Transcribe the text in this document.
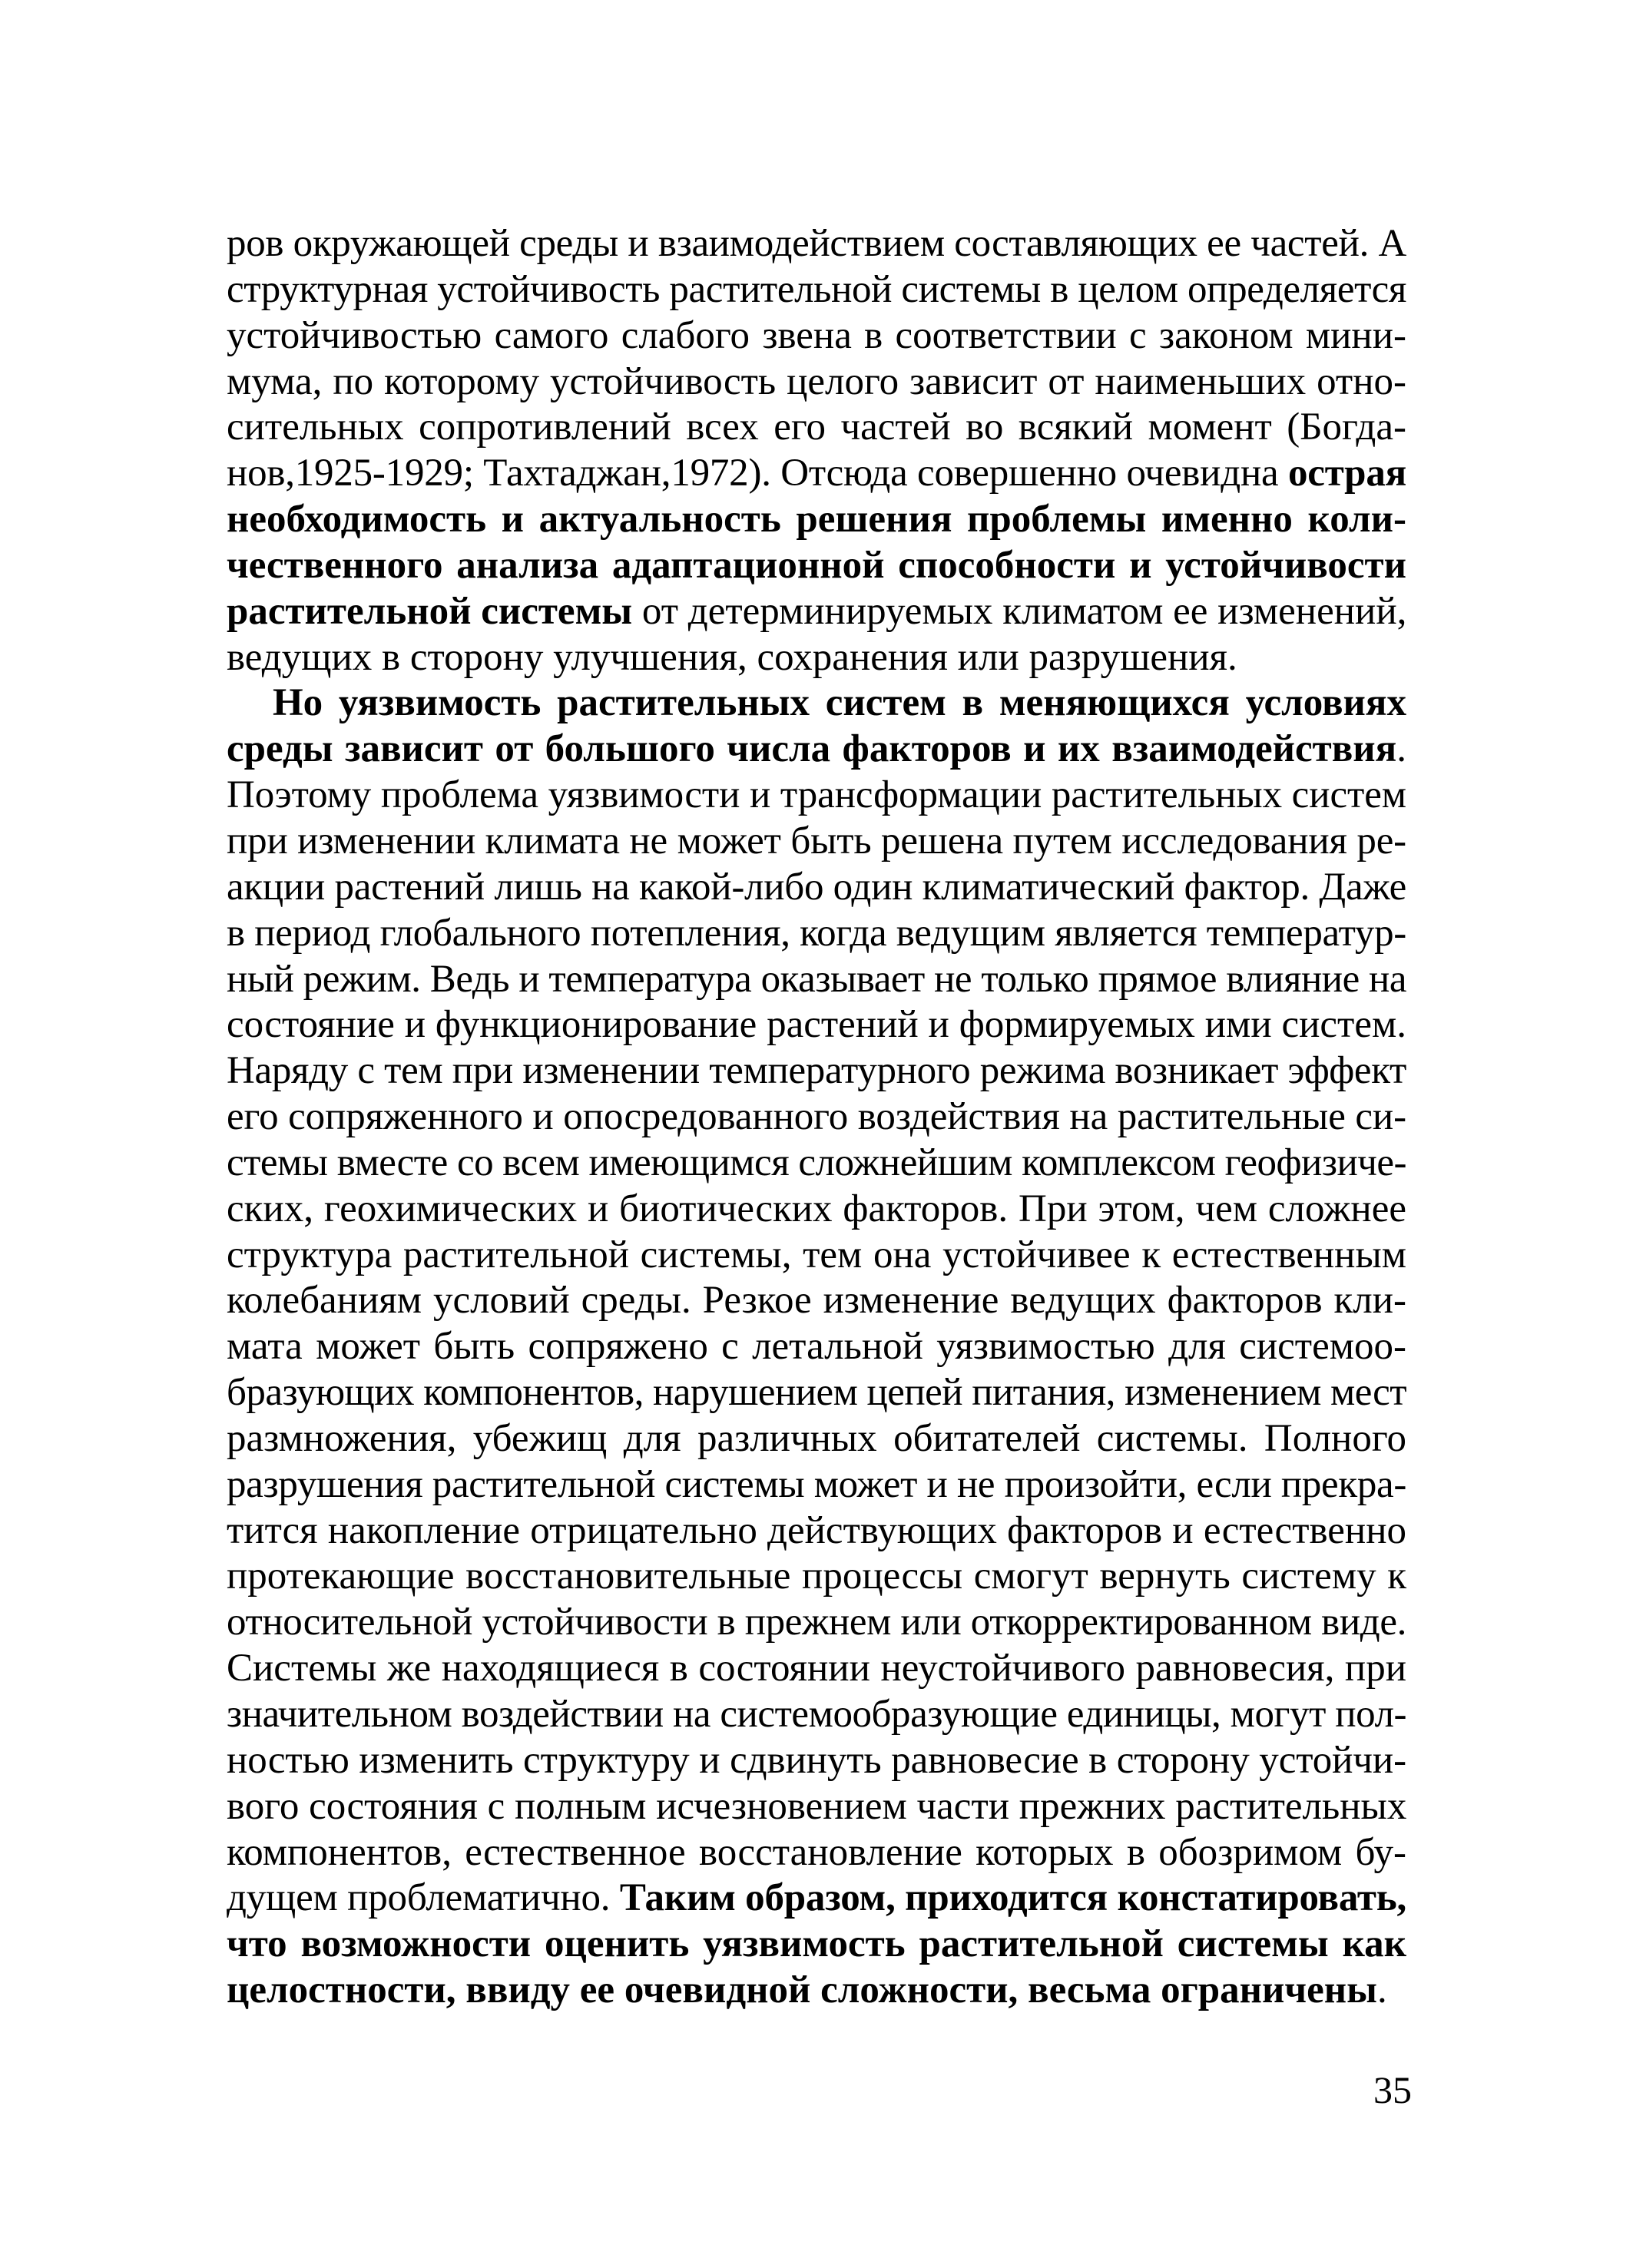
ров окружающей среды и взаимодействием составляющих ее частей. А
структурная устойчивость растительной системы в целом определяется
устойчивостью самого слабого звена в соответствии с законом мини-
мума, по которому устойчивость целого зависит от наименьших отно-
сительных сопротивлений всех его частей во всякий момент (Богда-
нов,1925-1929; Тахтаджан,1972). Отсюда совершенно очевидна острая
необходимость и актуальность решения проблемы именно коли-
чественного анализа адаптационной способности и устойчивости
растительной системы от детерминируемых климатом ее изменений,
ведущих в сторону улучшения, сохранения или разрушения.
Но уязвимость растительных систем в меняющихся условиях
среды зависит от большого числа факторов и их взаимодействия.
Поэтому проблема уязвимости и трансформации растительных систем
при изменении климата не может быть решена путем исследования ре-
акции растений лишь на какой-либо один климатический фактор. Даже
в период глобального потепления, когда ведущим является температур-
ный режим. Ведь и температура оказывает не только прямое влияние на
состояние и функционирование растений и формируемых ими систем.
Наряду с тем при изменении температурного режима возникает эффект
его сопряженного и опосредованного воздействия на растительные си-
стемы вместе со всем имеющимся сложнейшим комплексом геофизиче-
ских, геохимических и биотических факторов. При этом, чем сложнее
структура растительной системы, тем она устойчивее к естественным
колебаниям условий среды. Резкое изменение ведущих факторов кли-
мата может быть сопряжено с летальной уязвимостью для системоо-
бразующих компонентов, нарушением цепей питания, изменением мест
размножения, убежищ для различных обитателей системы. Полного
разрушения растительной системы может и не произойти, если прекра-
тится накопление отрицательно действующих факторов и естественно
протекающие восстановительные процессы смогут вернуть систему к
относительной устойчивости в прежнем или откорректированном виде.
Системы же находящиеся в состоянии неустойчивого равновесия, при
значительном воздействии на системообразующие единицы, могут пол-
ностью изменить структуру и сдвинуть равновесие в сторону устойчи-
вого состояния с полным исчезновением части прежних растительных
компонентов, естественное восстановление которых в обозримом бу-
дущем проблематично. Таким образом, приходится констатировать,
что возможности оценить уязвимость растительной системы как
целостности, ввиду ее очевидной сложности, весьма ограничены.
35
